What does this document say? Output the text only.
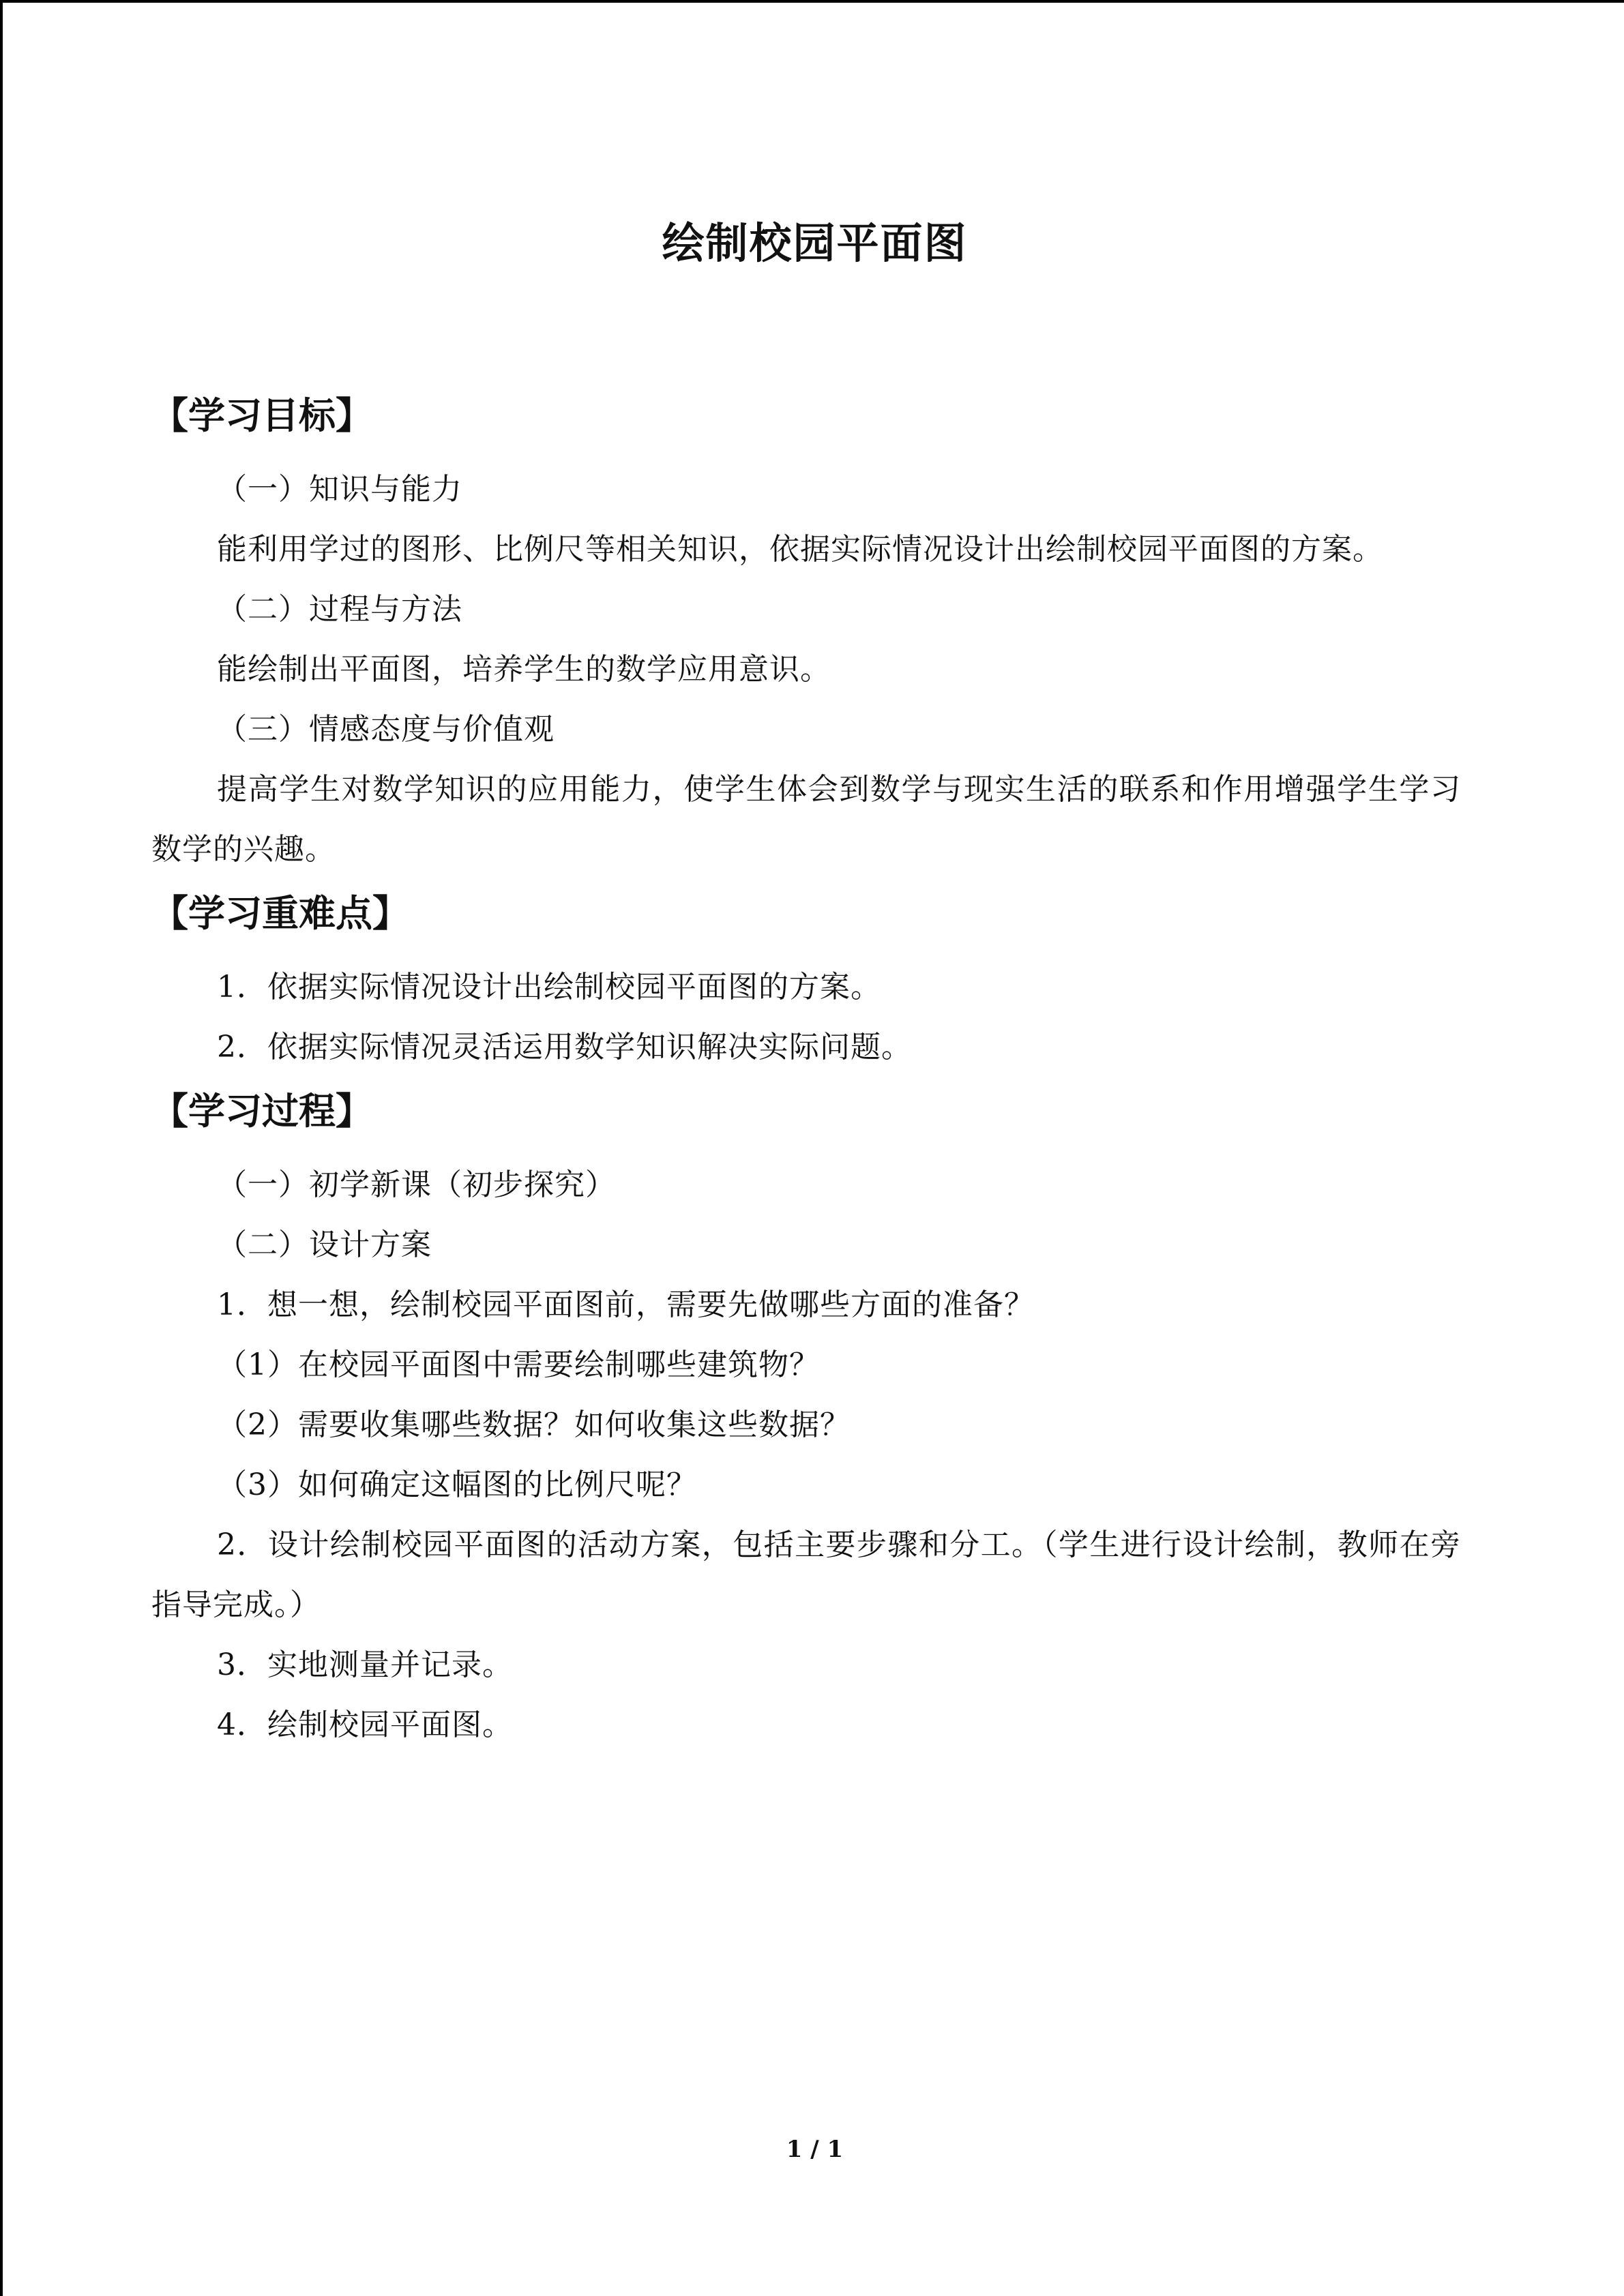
绘制校园平面图
【学习目标】
（一）知识与能力
能利用学过的图形、比例尺等相关知识，依据实际情况设计出绘制校园平面图的方案。
（二）过程与方法
能绘制出平面图，培养学生的数学应用意识。
（三）情感态度与价值观
提高学生对数学知识的应用能力，使学生体会到数学与现实生活的联系和作用增强学生学习数学的兴趣。
【学习重难点】
1．依据实际情况设计出绘制校园平面图的方案。
2．依据实际情况灵活运用数学知识解决实际问题。
【学习过程】
（一）初学新课（初步探究）
（二）设计方案
1．想一想，绘制校园平面图前，需要先做哪些方面的准备？
（1）在校园平面图中需要绘制哪些建筑物？
（2）需要收集哪些数据？如何收集这些数据？
（3）如何确定这幅图的比例尺呢？
2．设计绘制校园平面图的活动方案，包括主要步骤和分工。（学生进行设计绘制，教师在旁指导完成。）
3．实地测量并记录。
4．绘制校园平面图。
1 / 1
